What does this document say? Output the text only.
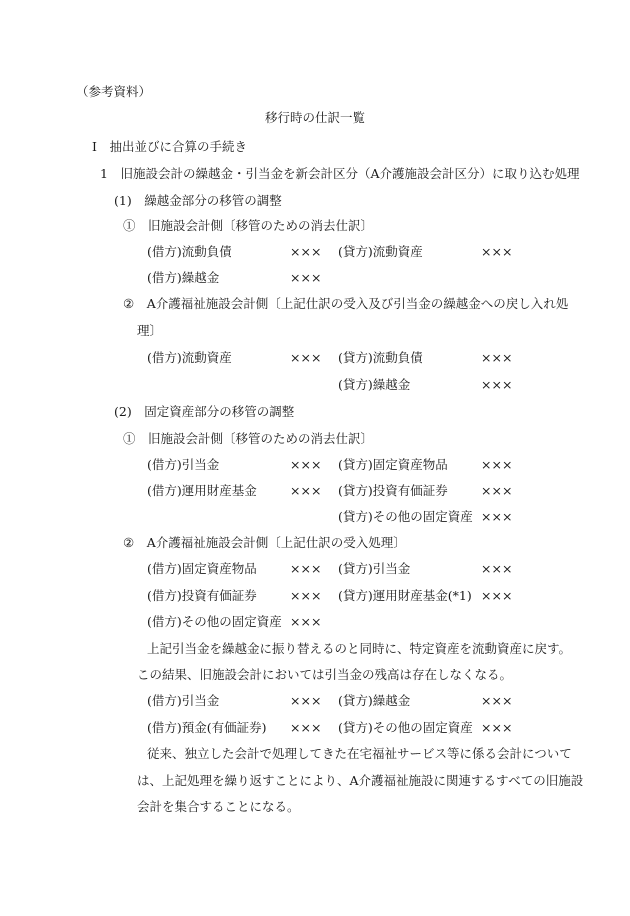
（参考資料）
移行時の仕訳一覧
Ⅰ　抽出並びに合算の手続き
1　旧施設会計の繰越金・引当金を新会計区分（A介護施設会計区分）に取り込む処理
(1)　繰越金部分の移管の調整
①　旧施設会計側〔移管のための消去仕訳〕
(借方)流動負債	××× (貸方)流動資産	×××
(借方)繰越金	×××
②　A介護福祉施設会計側〔上記仕訳の受入及び引当金の繰越金への戻し入れ処
理〕
(借方)流動資産	××× (貸方)流動負債	×××
(貸方)繰越金	×××
(2)　固定資産部分の移管の調整
①　旧施設会計側〔移管のための消去仕訳〕
(借方)引当金	××× (貸方)固定資産物品	×××
(借方)運用財産基金	××× (貸方)投資有価証券	×××
(貸方)その他の固定資産 ×××
②　A介護福祉施設会計側〔上記仕訳の受入処理〕
(借方)固定資産物品	××× (貸方)引当金	×××
(借方)投資有価証券	××× (貸方)運用財産基金(*1) ×××
(借方)その他の固定資産 ×××
上記引当金を繰越金に振り替えるのと同時に、特定資産を流動資産に戻す。
この結果、旧施設会計においては引当金の残高は存在しなくなる。
(借方)引当金	××× (貸方)繰越金	×××
(借方)預金(有価証券) ××× (貸方)その他の固定資産 ×××
従来、独立した会計で処理してきた在宅福祉サービス等に係る会計について
は、上記処理を繰り返すことにより、A介護福祉施設に関連するすべての旧施設
会計を集合することになる。
